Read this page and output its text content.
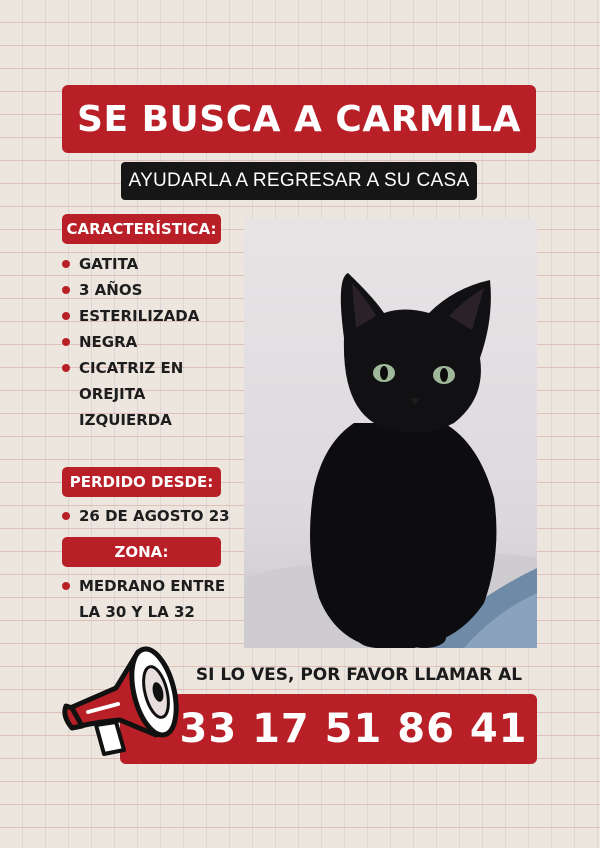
SE BUSCA A CARMILA
AYUDARLA A REGRESAR A SU CASA
CARACTERÍSTICA:
GATITA
3 AÑOS
ESTERILIZADA
NEGRA
CICATRIZ EN OREJITA IZQUIERDA
PERDIDO DESDE:
26 DE AGOSTO 23
ZONA:
MEDRANO ENTRE LA 30 Y LA 32
SI LO VES, POR FAVOR LLAMAR AL
33 17 51 86 41
